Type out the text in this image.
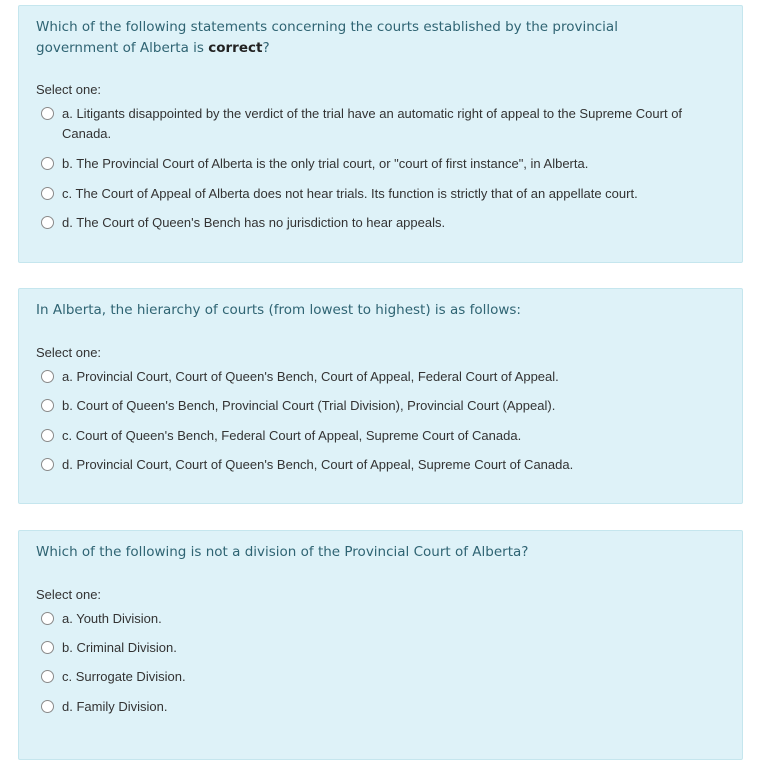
Which of the following statements concerning the courts established by the provincial government of Alberta is correct?
Select one:
a. Litigants disappointed by the verdict of the trial have an automatic right of appeal to the Supreme Court of Canada.
b. The Provincial Court of Alberta is the only trial court, or "court of first instance", in Alberta.
c. The Court of Appeal of Alberta does not hear trials. Its function is strictly that of an appellate court.
d. The Court of Queen's Bench has no jurisdiction to hear appeals.
In Alberta, the hierarchy of courts (from lowest to highest) is as follows:
Select one:
a. Provincial Court, Court of Queen's Bench, Court of Appeal, Federal Court of Appeal.
b. Court of Queen's Bench, Provincial Court (Trial Division), Provincial Court (Appeal).
c. Court of Queen's Bench, Federal Court of Appeal, Supreme Court of Canada.
d. Provincial Court, Court of Queen's Bench, Court of Appeal, Supreme Court of Canada.
Which of the following is not a division of the Provincial Court of Alberta?
Select one:
a. Youth Division.
b. Criminal Division.
c. Surrogate Division.
d. Family Division.
